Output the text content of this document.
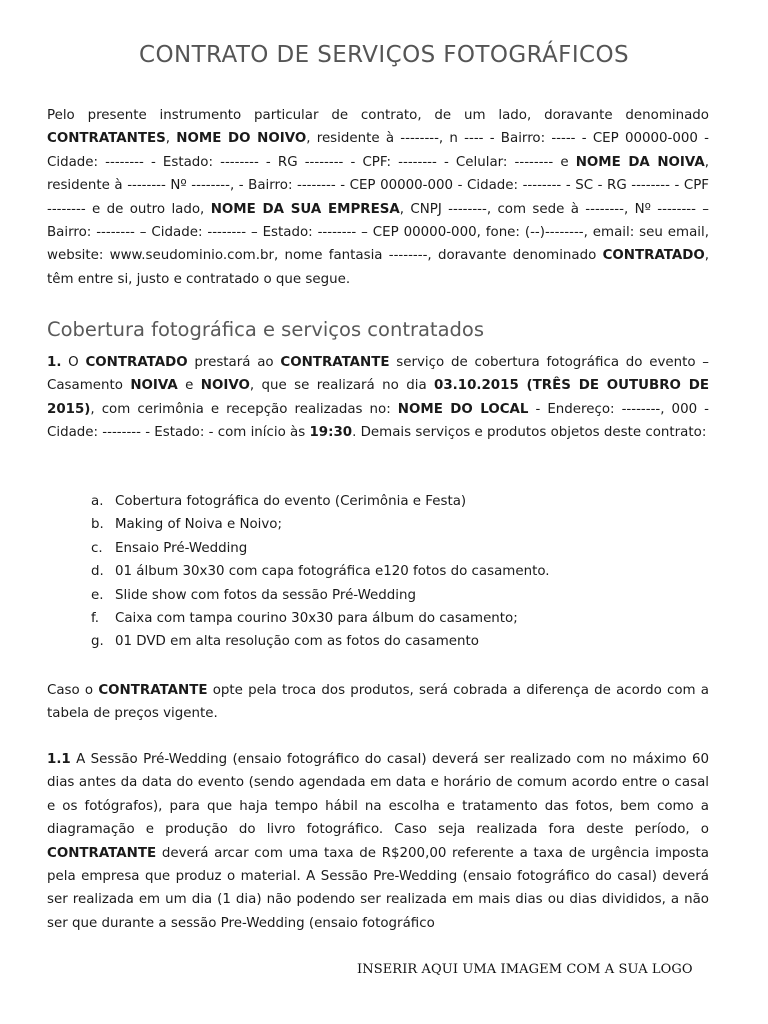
CONTRATO DE SERVIÇOS FOTOGRÁFICOS

Pelo presente instrumento particular de contrato, de um lado, doravante denominado CONTRATANTES, NOME DO NOIVO, residente à --------, n ---- - Bairro: ----- - CEP 00000-000 - Cidade: -------- - Estado: -------- - RG -------- - CPF: -------- - Celular: -------- e NOME DA NOIVA, residente à -------- Nº --------, - Bairro: -------- - CEP 00000-000 - Cidade: -------- - SC - RG -------- - CPF -------- e de outro lado, NOME DA SUA EMPRESA, CNPJ --------, com sede à --------, Nº -------- – Bairro: -------- – Cidade: -------- – Estado: -------- – CEP 00000-000, fone: (--)--------, email: seu email, website: www.seudominio.com.br, nome fantasia --------, doravante denominado CONTRATADO, têm entre si, justo e contratado o que segue.

Cobertura fotográfica e serviços contratados

1. O CONTRATADO prestará ao CONTRATANTE serviço de cobertura fotográfica do evento – Casamento NOIVA e NOIVO, que se realizará no dia 03.10.2015 (TRÊS DE OUTUBRO DE 2015), com cerimônia e recepção realizadas no: NOME DO LOCAL - Endereço: --------, 000 - Cidade: -------- - Estado: - com início às 19:30. Demais serviços e produtos objetos deste contrato:

a. Cobertura fotográfica do evento (Cerimônia e Festa)
b. Making of Noiva e Noivo;
c. Ensaio Pré-Wedding
d. 01 álbum 30x30 com capa fotográfica e120 fotos do casamento.
e. Slide show com fotos da sessão Pré-Wedding
f. Caixa com tampa courino 30x30 para álbum do casamento;
g. 01 DVD em alta resolução com as fotos do casamento

Caso o CONTRATANTE opte pela troca dos produtos, será cobrada a diferença de acordo com a tabela de preços vigente.

1.1 A Sessão Pré-Wedding (ensaio fotográfico do casal) deverá ser realizado com no máximo 60 dias antes da data do evento (sendo agendada em data e horário de comum acordo entre o casal e os fotógrafos), para que haja tempo hábil na escolha e tratamento das fotos, bem como a diagramação e produção do livro fotográfico. Caso seja realizada fora deste período, o CONTRATANTE deverá arcar com uma taxa de R$200,00 referente a taxa de urgência imposta pela empresa que produz o material. A Sessão Pre-Wedding (ensaio fotográfico do casal) deverá ser realizada em um dia (1 dia) não podendo ser realizada em mais dias ou dias divididos, a não ser que durante a sessão Pre-Wedding (ensaio fotográfico

INSERIR AQUI UMA IMAGEM COM A SUA LOGO
